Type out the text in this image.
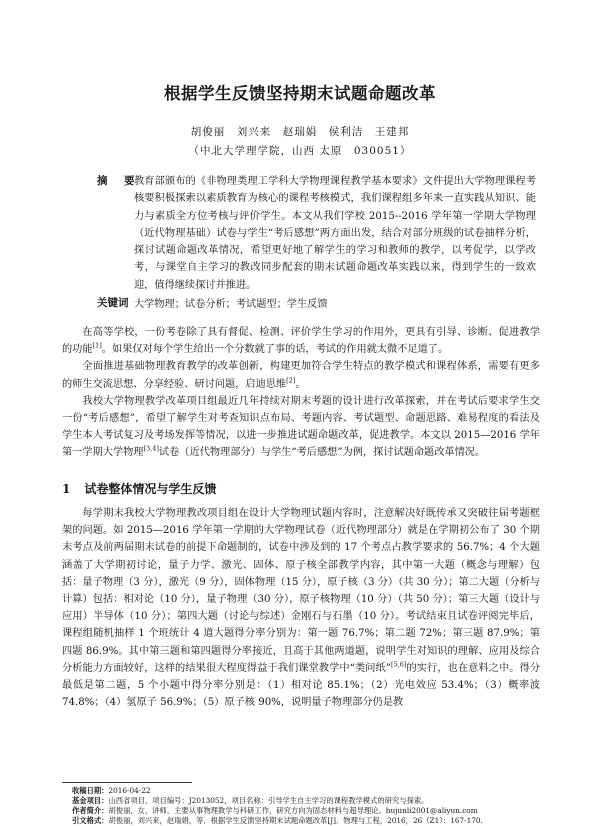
根据学生反馈坚持期末试题命题改革
胡俊丽　刘兴来　赵瑞娟　侯利洁　王建邦
（中北大学理学院，山西 太原　030051）
摘　要
教育部颁布的《非物理类理工学科大学物理课程教学基本要求》文件提出大学物理课程考核要积极探索以素质教育为核心的课程考核模式，我们课程组多年来一直实践从知识、能力与素质全方位考核与评价学生。本文从我们学校 2015--2016 学年第一学期大学物理（近代物理基础）试卷与学生“考后感想”两方面出发，结合对部分班级的试卷抽样分析，探讨试题命题改革情况，希望更好地了解学生的学习和教师的教学，以考促学，以学改考，与课堂自主学习的教改同步配套的期末试题命题改革实践以来，得到学生的一致欢迎，值得继续探讨并推进。
关键词 大学物理；试卷分析；考试题型；学生反馈

在高等学校，一份考卷除了具有督促、检测、评价学生学习的作用外，更具有引导、诊断、促进教学的功能[1]。如果仅对每个学生给出一个分数就了事的话，考试的作用就太微不足道了。

全面推进基础物理教育教学的改革创新，构建更加符合学生特点的教学模式和课程体系，需要有更多的师生交流思想、分享经验、研讨问题，启迪思维[2]。

我校大学物理教学改革项目组最近几年持续对期末考题的设计进行改革探索，并在考试后要求学生交一份“考后感想”，希望了解学生对考查知识点布局、考题内容、考试题型、命题思路、难易程度的看法及学生本人考试复习及考场发挥等情况，以进一步推进试题命题改革，促进教学。本文以 2015—2016 学年第一学期大学物理[3,4]试卷（近代物理部分）与学生“考后感想”为例，探讨试题命题改革情况。

1 试卷整体情况与学生反馈

每学期末我校大学物理教改项目组在设计大学物理试题内容时，注意解决好既传承又突破往届考题框架的问题。如 2015—2016 学年第一学期的大学物理试卷（近代物理部分）就是在学期初公布了 30 个期末考点及前两届期末试卷的前提下命题制的，试卷中涉及到的 17 个考点占教学要求的 56.7%；4 个大题涵盖了大学期初讨论，量子力学、激光、固体、原子核全部教学内容，其中第一大题（概念与理解）包括：量子物理（3 分），激光（9 分），固体物理（15 分），原子核（3 分）（共 30 分）；第二大题（分析与计算）包括：相对论（10 分），量子物理（30 分），原子核物理（10 分）（共 50 分）；第三大题（设计与应用）半导体（10 分）；第四大题（讨论与综述）金刚石与石墨（10 分）。考试结束且试卷评阅完毕后，课程组随机抽样 1 个班统计 4 道大题得分率分别为：第一题 76.7%；第二题 72%；第三题 87.9%；第四题 86.9%。其中第三题和第四题得分率接近，且高于其他两道题，说明学生对知识的理解、应用及综合分析能力方面较好，这样的结果很大程度得益于我们课堂教学中“类问纸”[5,6]的实行，也在意料之中。得分最低是第二题，5 个小题中得分率分别是：（1）相对论 85.1%；（2）光电效应 53.4%；（3）概率波 74.8%；（4）氢原子 56.9%；（5）原子核 90%，说明量子物理部分仍是教

收稿日期：2016-04-22
基金项目：山西省项目，项目编号：J2013052，项目名称：引导学生自主学习的课程教学模式的研究与探索。
作者简介：胡俊丽，女，讲师，主要从事物理教学与科研工作，研究方向为固态材料与超导理论。hujunli2001@aliyun.com
引文格式：胡俊丽，刘兴来，赵瑞娟，等．根据学生反馈坚持期末试题命题改革[J]．物理与工程，2016，26（Z1）：167-170.
